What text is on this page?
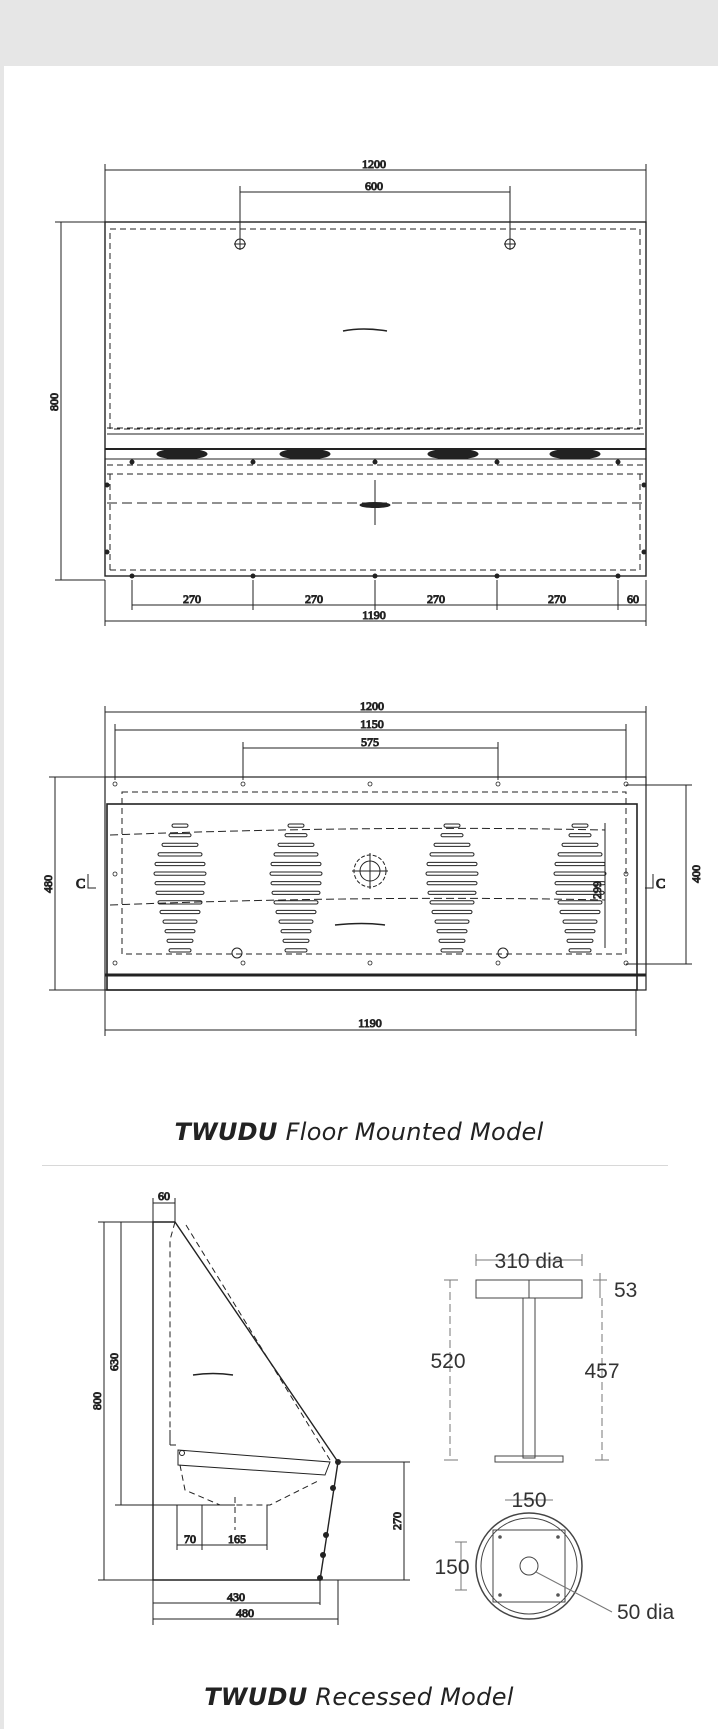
1200
600
800
270	270	270	270	60
1190
1200
1150
575
480
400
299
C	C
1190
60
800
630
70	165
270
430
480
310 dia
53
520	457
150
50 dia
150
TWUDU Floor Mounted Model
TWUDU Recessed Model
